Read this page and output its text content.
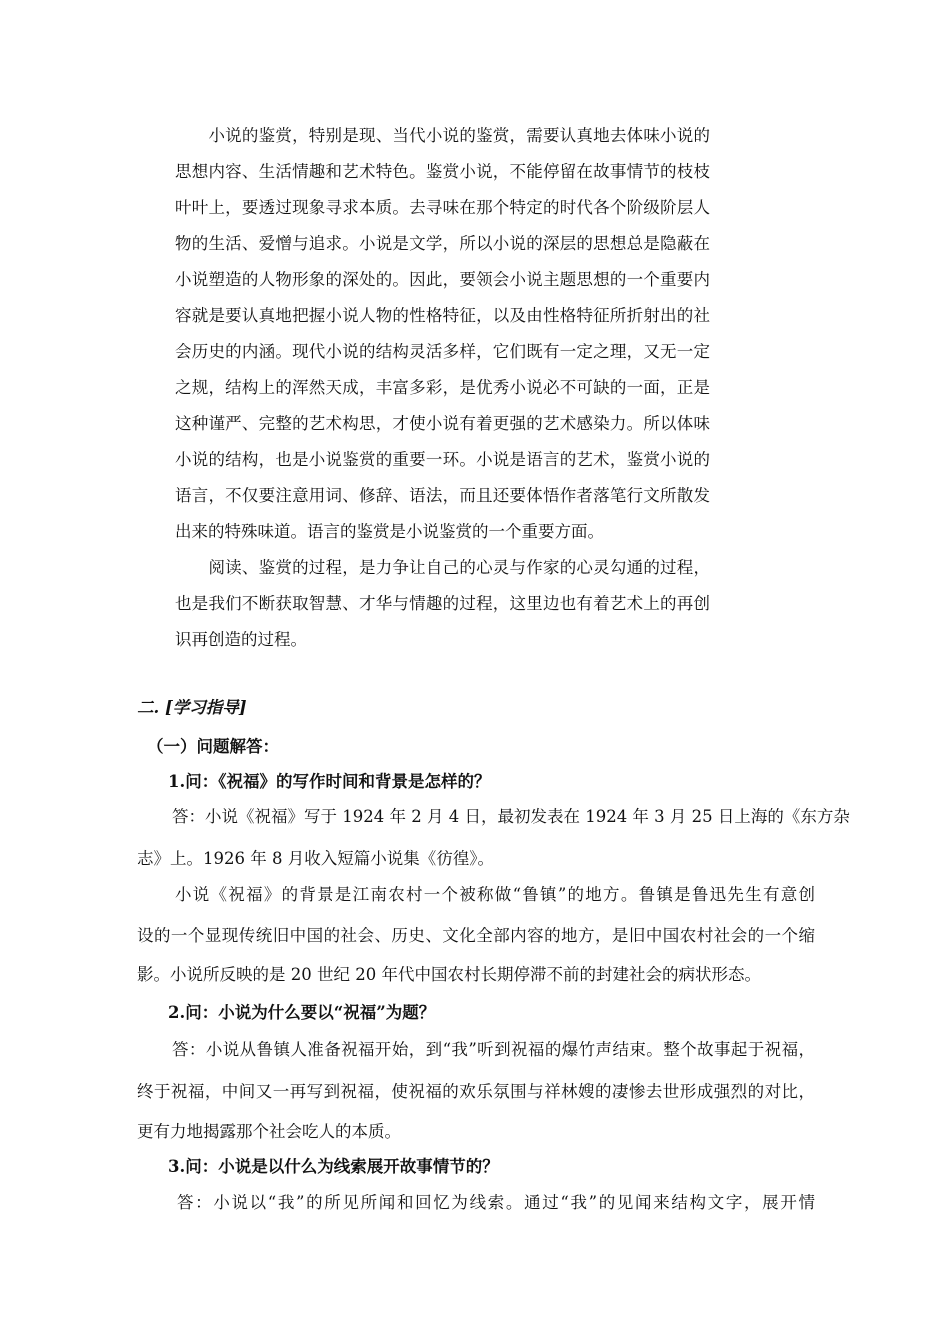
　　小说的鉴赏，特别是现、当代小说的鉴赏，需要认真地去体味小说的
思想内容、生活情趣和艺术特色。鉴赏小说，不能停留在故事情节的枝枝
叶叶上，要透过现象寻求本质。去寻味在那个特定的时代各个阶级阶层人
物的生活、爱憎与追求。小说是文学，所以小说的深层的思想总是隐蔽在
小说塑造的人物形象的深处的。因此，要领会小说主题思想的一个重要内
容就是要认真地把握小说人物的性格特征，以及由性格特征所折射出的社
会历史的内涵。现代小说的结构灵活多样，它们既有一定之理，又无一定
之规，结构上的浑然天成，丰富多彩，是优秀小说必不可缺的一面，正是
这种谨严、完整的艺术构思，才使小说有着更强的艺术感染力。所以体味
小说的结构，也是小说鉴赏的重要一环。小说是语言的艺术，鉴赏小说的
语言，不仅要注意用词、修辞、语法，而且还要体悟作者落笔行文所散发
出来的特殊味道。语言的鉴赏是小说鉴赏的一个重要方面。
　　阅读、鉴赏的过程，是力争让自己的心灵与作家的心灵勾通的过程，
也是我们不断获取智慧、才华与情趣的过程，这里边也有着艺术上的再创
识再创造的过程。
二. [学习指导]
（一）问题解答：
1.问：《祝福》的写作时间和背景是怎样的？
答：小说《祝福》写于 1924 年 2 月 4 日，最初发表在 1924 年 3 月 25 日上海的《东方杂
志》上。1926 年 8 月收入短篇小说集《彷徨》。
小说《祝福》的背景是江南农村一个被称做“鲁镇”的地方。鲁镇是鲁迅先生有意创
设的一个显现传统旧中国的社会、历史、文化全部内容的地方，是旧中国农村社会的一个缩
影。小说所反映的是 20 世纪 20 年代中国农村长期停滞不前的封建社会的病状形态。
2.问：小说为什么要以“祝福”为题？
答：小说从鲁镇人准备祝福开始，到“我”听到祝福的爆竹声结束。整个故事起于祝福，
终于祝福，中间又一再写到祝福，使祝福的欢乐氛围与祥林嫂的凄惨去世形成强烈的对比，
更有力地揭露那个社会吃人的本质。
3.问：小说是以什么为线索展开故事情节的？
答：小说以“我”的所见所闻和回忆为线索。通过“我”的见闻来结构文字，展开情
